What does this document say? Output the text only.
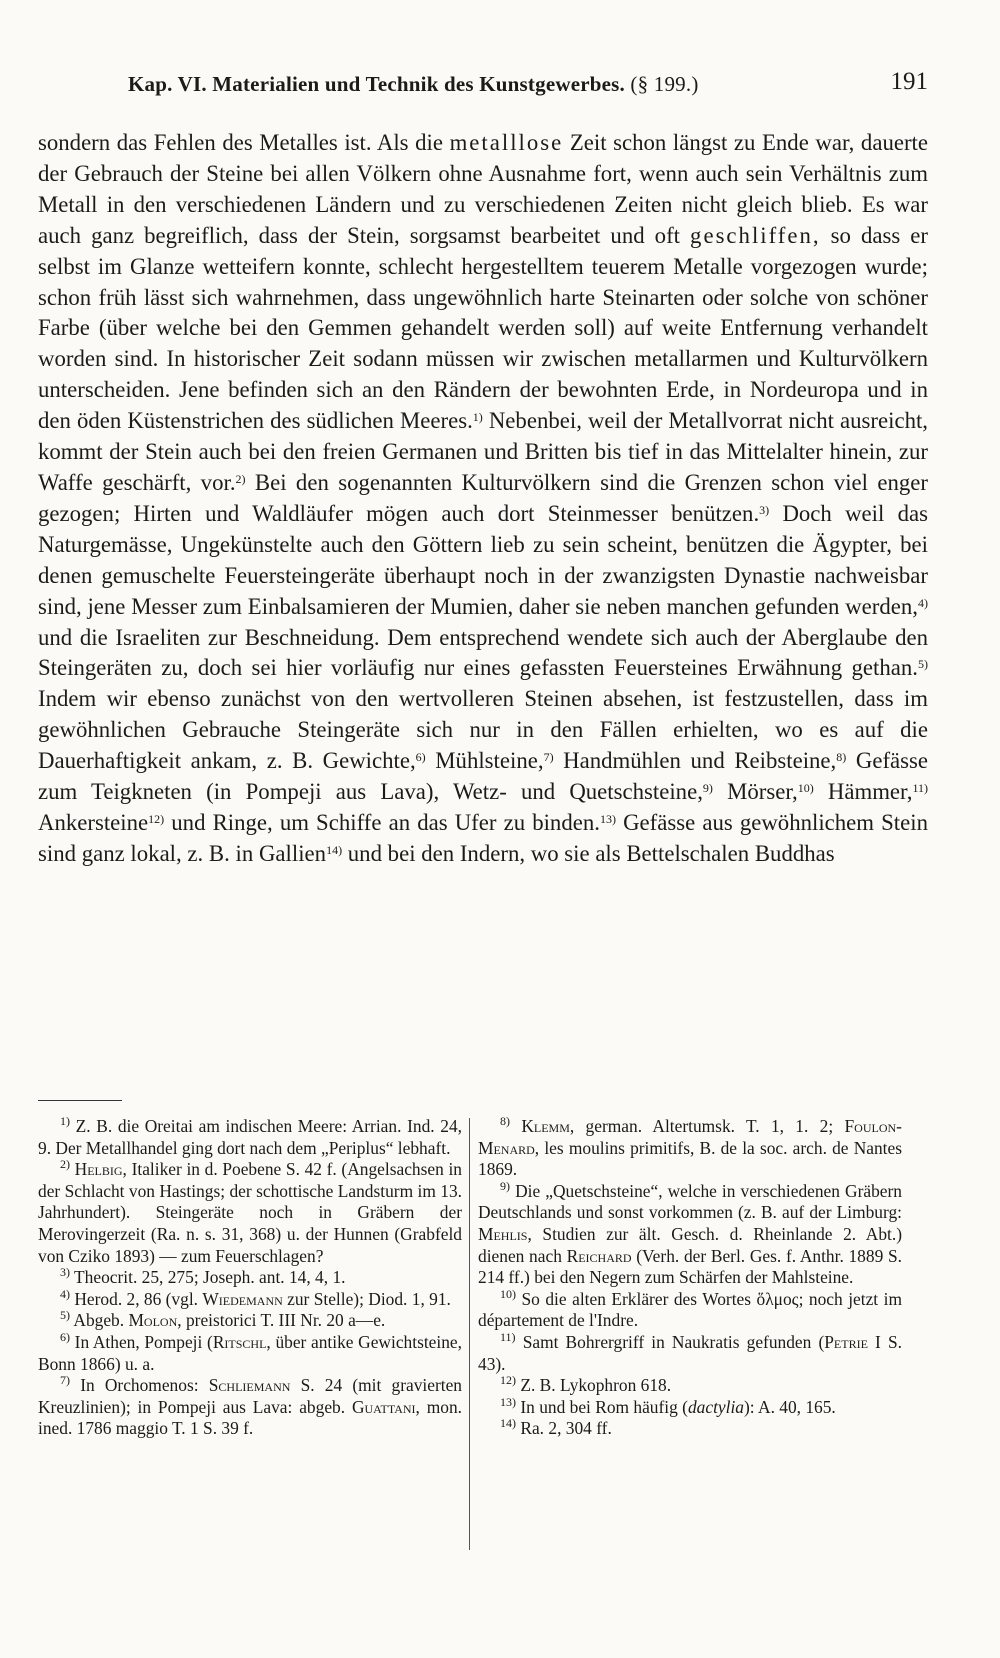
Kap. VI. Materialien und Technik des Kunstgewerbes. (§ 199.)	191

sondern das Fehlen des Metalles ist. Als die metalllose Zeit schon längst zu Ende war, dauerte der Gebrauch der Steine bei allen Völkern ohne Ausnahme fort, wenn auch sein Verhältnis zum Metall in den verschiedenen Ländern und zu verschiedenen Zeiten nicht gleich blieb. Es war auch ganz begreiflich, dass der Stein, sorgsamst bearbeitet und oft geschliffen, so dass er selbst im Glanze wetteifern konnte, schlecht hergestelltem teuerem Metalle vorgezogen wurde; schon früh lässt sich wahrnehmen, dass ungewöhnlich harte Steinarten oder solche von schöner Farbe (über welche bei den Gemmen gehandelt werden soll) auf weite Entfernung verhandelt worden sind. In historischer Zeit sodann müssen wir zwischen metallarmen und Kulturvölkern unterscheiden. Jene befinden sich an den Rändern der bewohnten Erde, in Nordeuropa und in den öden Küstenstrichen des südlichen Meeres.$^{1)}$ Nebenbei, weil der Metallvorrat nicht ausreicht, kommt der Stein auch bei den freien Germanen und Britten bis tief in das Mittelalter hinein, zur Waffe geschärft, vor.$^{2)}$ Bei den sogenannten Kulturvölkern sind die Grenzen schon viel enger gezogen; Hirten und Waldläufer mögen auch dort Steinmesser benützen.$^{3)}$ Doch weil das Naturgemässe, Ungekünstelte auch den Göttern lieb zu sein scheint, benützen die Ägypter, bei denen gemuschelte Feuersteingeräte überhaupt noch in der zwanzigsten Dynastie nachweisbar sind, jene Messer zum Einbalsamieren der Mumien, daher sie neben manchen gefunden werden,$^{4)}$ und die Israeliten zur Beschneidung. Dem entsprechend wendete sich auch der Aberglaube den Steingeräten zu, doch sei hier vorläufig nur eines gefassten Feuersteines Erwähnung gethan.$^{5)}$ Indem wir ebenso zunächst von den wertvolleren Steinen absehen, ist festzustellen, dass im gewöhnlichen Gebrauche Steingeräte sich nur in den Fällen erhielten, wo es auf die Dauerhaftigkeit ankam, z. B. Gewichte,$^{6)}$ Mühlsteine,$^{7)}$ Handmühlen und Reibsteine,$^{8)}$ Gefässe zum Teigkneten (in Pompeji aus Lava), Wetz- und Quetschsteine,$^{9)}$ Mörser,$^{10)}$ Hämmer,$^{11)}$ Ankersteine$^{12)}$ und Ringe, um Schiffe an das Ufer zu binden.$^{13)}$ Gefässe aus gewöhnlichem Stein sind ganz lokal, z. B. in Gallien$^{14)}$ und bei den Indern, wo sie als Bettelschalen Buddhas

$^{1)}$ Z. B. die Oreitai am indischen Meere: Arrian. Ind. 24, 9. Der Metallhandel ging dort nach dem „Periplus“ lebhaft.

$^{2)}$ Helbig, Italiker in d. Poebene S. 42 f. (Angelsachsen in der Schlacht von Hastings; der schottische Landsturm im 13. Jahrhundert). Steingeräte noch in Gräbern der Merovingerzeit (Ra. n. s. 31, 368) u. der Hunnen (Grabfeld von Cziko 1893) — zum Feuerschlagen?

$^{3)}$ Theocrit. 25, 275; Joseph. ant. 14, 4, 1.

$^{4)}$ Herod. 2, 86 (vgl. Wiedemann zur Stelle); Diod. 1, 91.

$^{5)}$ Abgeb. Molon, preistorici T. III Nr. 20 a—e.

$^{6)}$ In Athen, Pompeji (Ritschl, über antike Gewichtsteine, Bonn 1866) u. a.

$^{7)}$ In Orchomenos: Schliemann S. 24 (mit gravierten Kreuzlinien); in Pompeji aus Lava: abgeb. Guattani, mon. ined. 1786 maggio T. 1 S. 39 f.

$^{8)}$ Klemm, german. Altertumsk. T. 1, 1. 2; Foulon-Menard, les moulins primitifs, B. de la soc. arch. de Nantes 1869.

$^{9)}$ Die „Quetschsteine“, welche in verschiedenen Gräbern Deutschlands und sonst vorkommen (z. B. auf der Limburg: Mehlis, Studien zur ält. Gesch. d. Rheinlande 2. Abt.) dienen nach Reichard (Verh. der Berl. Ges. f. Anthr. 1889 S. 214 ff.) bei den Negern zum Schärfen der Mahlsteine.

$^{10)}$ So die alten Erklärer des Wortes ὅλμος; noch jetzt im département de l'Indre.

$^{11)}$ Samt Bohrergriff in Naukratis gefunden (Petrie I S. 43).

$^{12)}$ Z. B. Lykophron 618.

$^{13)}$ In und bei Rom häufig (dactylia): A. 40, 165.

$^{14)}$ Ra. 2, 304 ff.
